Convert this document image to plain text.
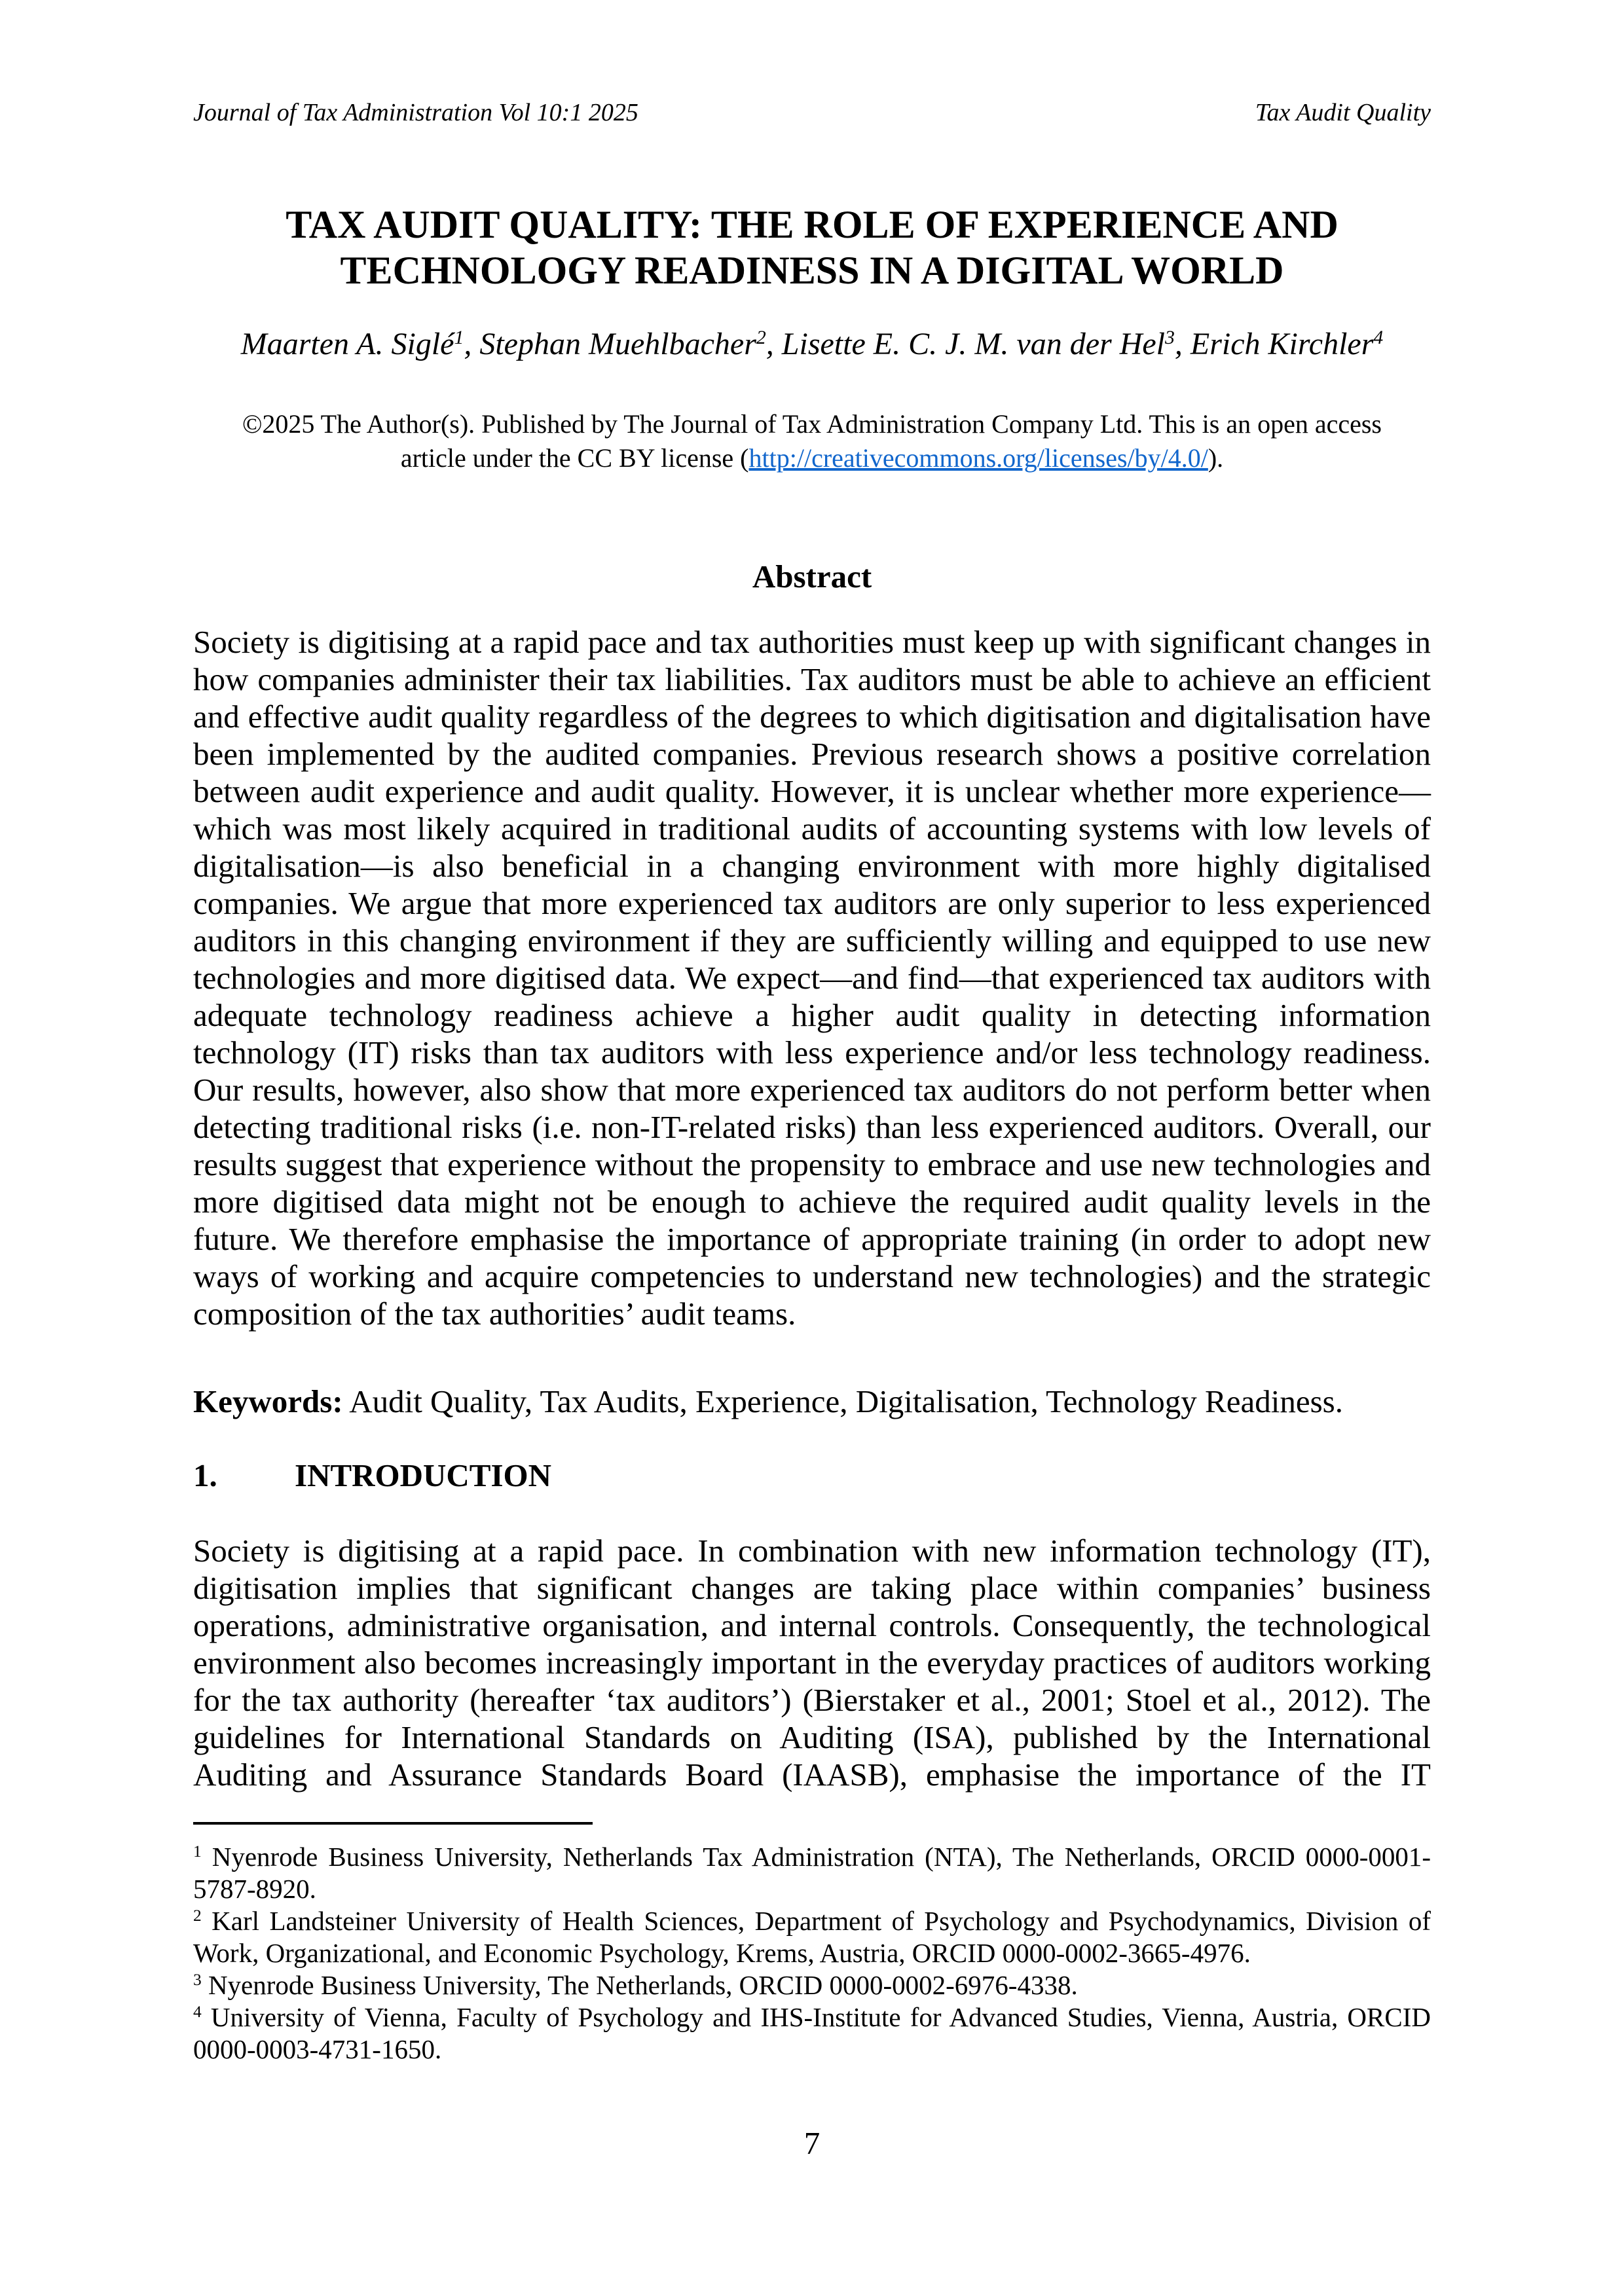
Journal of Tax Administration Vol 10:1 2025	Tax Audit Quality
TAX AUDIT QUALITY: THE ROLE OF EXPERIENCE AND
TECHNOLOGY READINESS IN A DIGITAL WORLD
Maarten A. Siglé$^1$, Stephan Muehlbacher$^2$, Lisette E. C. J. M. van der Hel$^3$, Erich Kirchler$^4$
©2025 The Author(s). Published by The Journal of Tax Administration Company Ltd. This is an open access
article under the CC BY license (http://creativecommons.org/licenses/by/4.0/).
Abstract
Society is digitising at a rapid pace and tax authorities must keep up with significant changes in how companies administer their tax liabilities. Tax auditors must be able to achieve an efficient and effective audit quality regardless of the degrees to which digitisation and digitalisation have been implemented by the audited companies. Previous research shows a positive correlation between audit experience and audit quality. However, it is unclear whether more experience—which was most likely acquired in traditional audits of accounting systems with low levels of digitalisation—is also beneficial in a changing environment with more highly digitalised companies. We argue that more experienced tax auditors are only superior to less experienced auditors in this changing environment if they are sufficiently willing and equipped to use new technologies and more digitised data. We expect—and find—that experienced tax auditors with adequate technology readiness achieve a higher audit quality in detecting information technology (IT) risks than tax auditors with less experience and/or less technology readiness. Our results, however, also show that more experienced tax auditors do not perform better when detecting traditional risks (i.e. non-IT-related risks) than less experienced auditors. Overall, our results suggest that experience without the propensity to embrace and use new technologies and more digitised data might not be enough to achieve the required audit quality levels in the future. We therefore emphasise the importance of appropriate training (in order to adopt new ways of working and acquire competencies to understand new technologies) and the strategic composition of the tax authorities’ audit teams.
Keywords: Audit Quality, Tax Audits, Experience, Digitalisation, Technology Readiness.
1. INTRODUCTION
Society is digitising at a rapid pace. In combination with new information technology (IT), digitisation implies that significant changes are taking place within companies’ business operations, administrative organisation, and internal controls. Consequently, the technological environment also becomes increasingly important in the everyday practices of auditors working for the tax authority (hereafter ‘tax auditors’) (Bierstaker et al., 2001; Stoel et al., 2012). The guidelines for International Standards on Auditing (ISA), published by the International Auditing and Assurance Standards Board (IAASB), emphasise the importance of the IT
$^1$ Nyenrode Business University, Netherlands Tax Administration (NTA), The Netherlands, ORCID 0000-0001-5787-8920.
$^2$ Karl Landsteiner University of Health Sciences, Department of Psychology and Psychodynamics, Division of Work, Organizational, and Economic Psychology, Krems, Austria, ORCID 0000-0002-3665-4976.
$^3$ Nyenrode Business University, The Netherlands, ORCID 0000-0002-6976-4338.
$^4$ University of Vienna, Faculty of Psychology and IHS-Institute for Advanced Studies, Vienna, Austria, ORCID 0000-0003-4731-1650.
7
